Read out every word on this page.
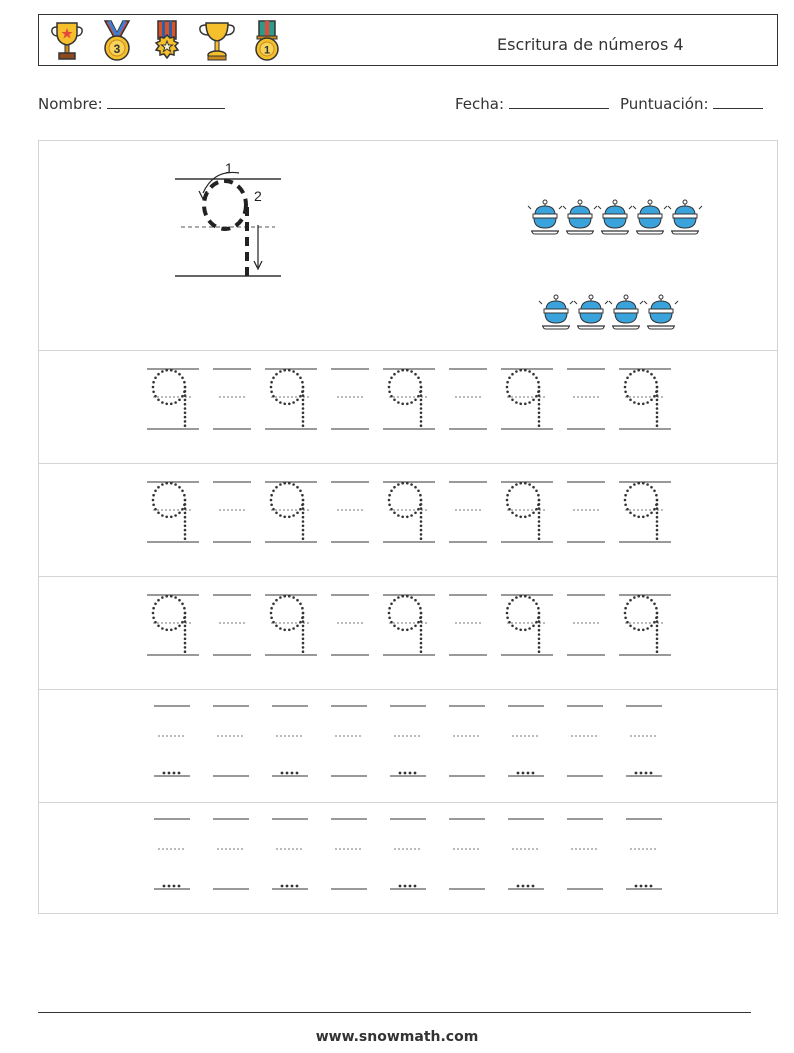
3	1	Escritura de números 4
Nombre:	Fecha:	Puntuación:
1
2
www.snowmath.com
